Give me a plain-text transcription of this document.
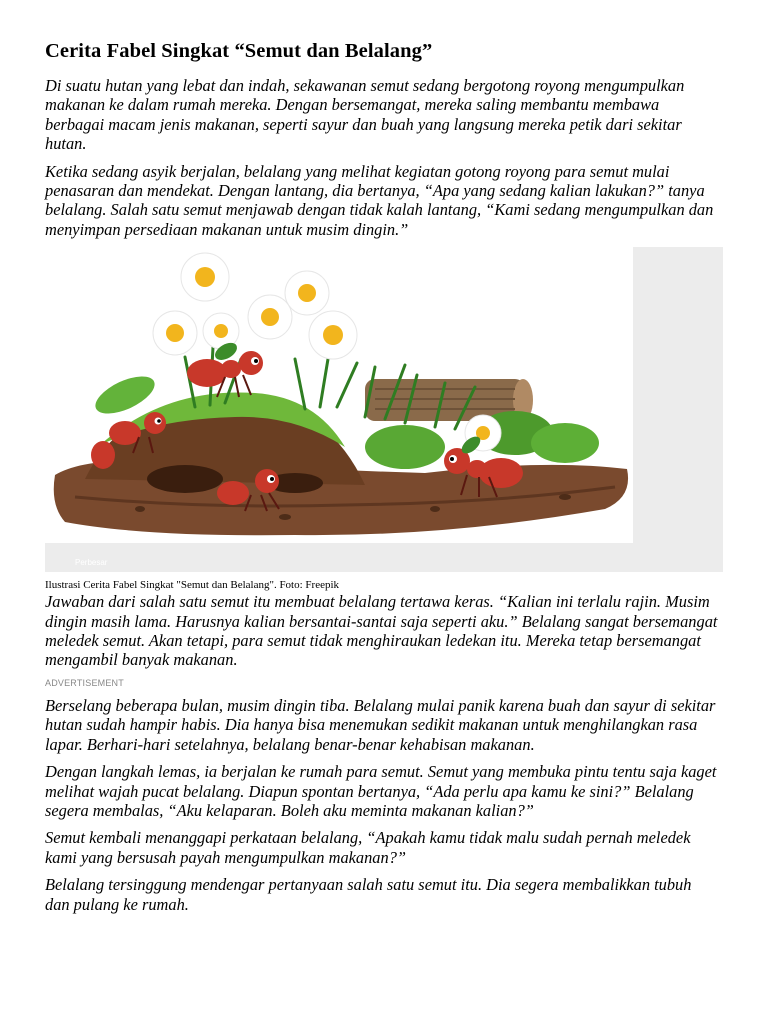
Cerita Fabel Singkat “Semut dan Belalang”

Di suatu hutan yang lebat dan indah, sekawanan semut sedang bergotong royong mengumpulkan makanan ke dalam rumah mereka. Dengan bersemangat, mereka saling membantu membawa berbagai macam jenis makanan, seperti sayur dan buah yang langsung mereka petik dari sekitar hutan.

Ketika sedang asyik berjalan, belalang yang melihat kegiatan gotong royong para semut mulai penasaran dan mendekat. Dengan lantang, dia bertanya, “Apa yang sedang kalian lakukan?” tanya belalang. Salah satu semut menjawab dengan tidak kalah lantang, “Kami sedang mengumpulkan dan menyimpan persediaan makanan untuk musim dingin.”

Perbesar
Ilustrasi Cerita Fabel Singkat "Semut dan Belalang". Foto: Freepik

Jawaban dari salah satu semut itu membuat belalang tertawa keras. “Kalian ini terlalu rajin. Musim dingin masih lama. Harusnya kalian bersantai-santai saja seperti aku.” Belalang sangat bersemangat meledek semut. Akan tetapi, para semut tidak menghiraukan ledekan itu. Mereka tetap bersemangat mengambil banyak makanan.

ADVERTISEMENT

Berselang beberapa bulan, musim dingin tiba. Belalang mulai panik karena buah dan sayur di sekitar hutan sudah hampir habis. Dia hanya bisa menemukan sedikit makanan untuk menghilangkan rasa lapar. Berhari-hari setelahnya, belalang benar-benar kehabisan makanan.

Dengan langkah lemas, ia berjalan ke rumah para semut. Semut yang membuka pintu tentu saja kaget melihat wajah pucat belalang. Diapun spontan bertanya, “Ada perlu apa kamu ke sini?” Belalang segera membalas, “Aku kelaparan. Boleh aku meminta makanan kalian?”

Semut kembali menanggapi perkataan belalang, “Apakah kamu tidak malu sudah pernah meledek kami yang bersusah payah mengumpulkan makanan?”

Belalang tersinggung mendengar pertanyaan salah satu semut itu. Dia segera membalikkan tubuh dan pulang ke rumah.
